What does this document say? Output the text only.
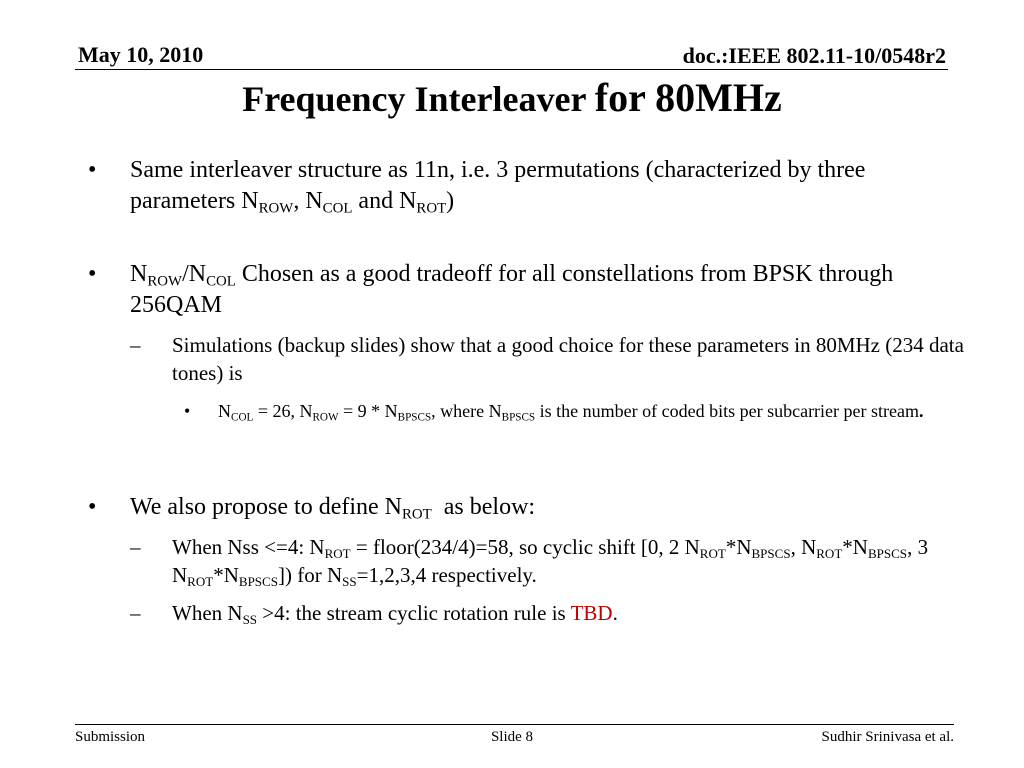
May 10, 2010	doc.:IEEE 802.11-10/0548r2
Frequency Interleaver for 80MHz
• Same interleaver structure as 11n, i.e. 3 permutations (characterized by three parameters $N_{ROW}$, $N_{COL}$ and $N_{ROT}$)
• $N_{ROW}/N_{COL}$ Chosen as a good tradeoff for all constellations from BPSK through 256QAM
– Simulations (backup slides) show that a good choice for these parameters in 80MHz (234 data tones) is
• $N_{COL} = 26$, $N_{ROW} = 9 * N_{BPSCS}$, where $N_{BPSCS}$ is the number of coded bits per subcarrier per stream.
• We also propose to define $N_{ROT}$  as below:
– When Nss <=4: $N_{ROT}$ = floor(234/4)=58, so cyclic shift [0, 2 $N_{ROT}*N_{BPSCS}$, $N_{ROT}*N_{BPSCS}$, 3 $N_{ROT}*N_{BPSCS}$]) for $N_{SS}=1,2,3,4$ respectively.
– When $N_{SS} >4$: the stream cyclic rotation rule is TBD.
Submission	Slide 8	Sudhir Srinivasa et al.
